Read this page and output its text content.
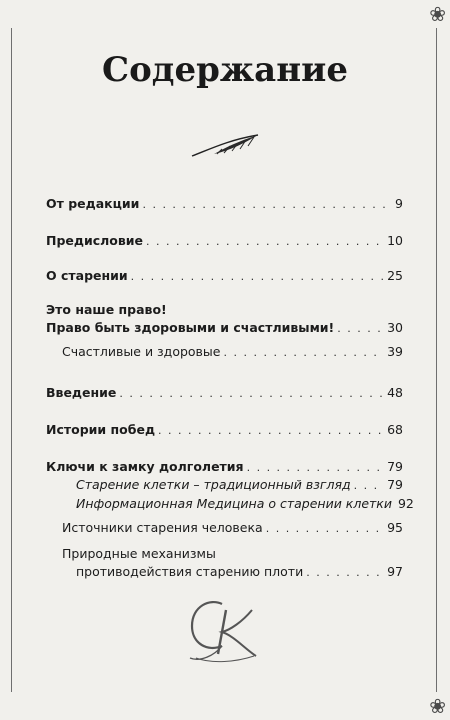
❀
❀
Содержание
От редакции . . .	9
Предисловие . . .	10
О старении . . .	25
Это наше право!
Право быть здоровыми и счастливыми! . . .	30
Счастливые и здоровые . . .	39
Введение . . .	48
Истории побед . . .	68
Ключи к замку долголетия . . .	79
Старение клетки – традиционный взгляд . . .	79
Информационная Медицина о старении клетки 92
Источники старения человека . . .	95
Природные механизмы
противодействия старению плоти . . .	97
